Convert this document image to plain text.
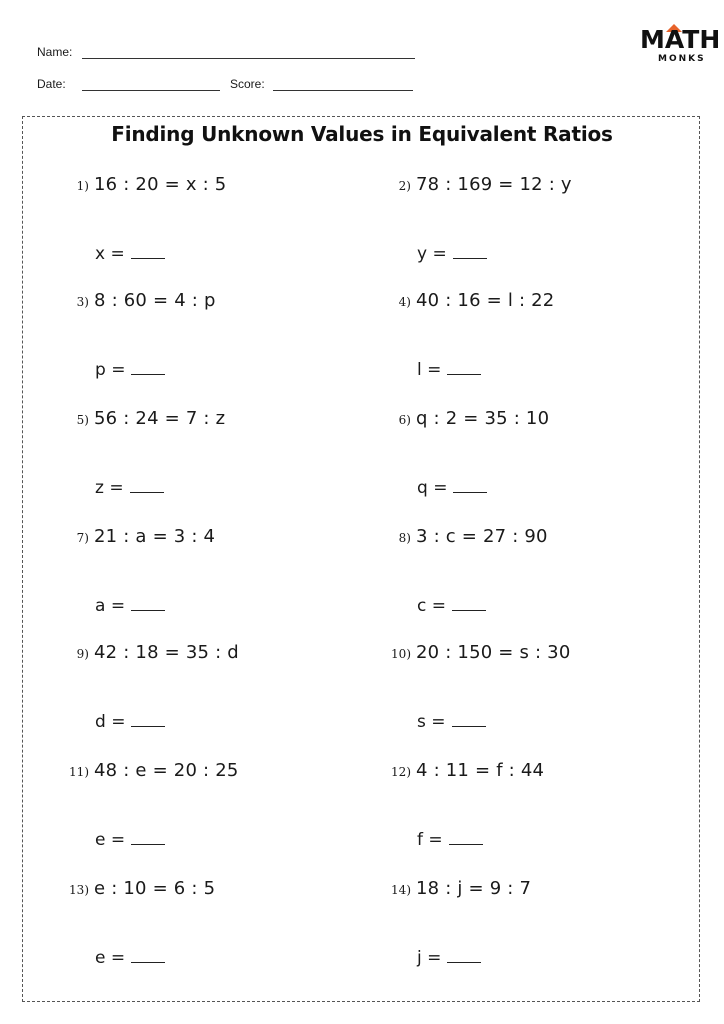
Name:
Date:	Score:
MATH
MONKS
Finding Unknown Values in Equivalent Ratios
1) 16 : 20 = x : 5
x =
2) 78 : 169 = 12 : y
y =
3) 8 : 60 = 4 : p
p =
4) 40 : 16 = l : 22
l =
5) 56 : 24 = 7 : z
z =
6) q : 2 = 35 : 10
q =
7) 21 : a = 3 : 4
a =
8) 3 : c = 27 : 90
c =
9) 42 : 18 = 35 : d
d =
10) 20 : 150 = s : 30
s =
11) 48 : e = 20 : 25
e =
12) 4 : 11 = f : 44
f =
13) e : 10 = 6 : 5
e =
14) 18 : j = 9 : 7
j =
